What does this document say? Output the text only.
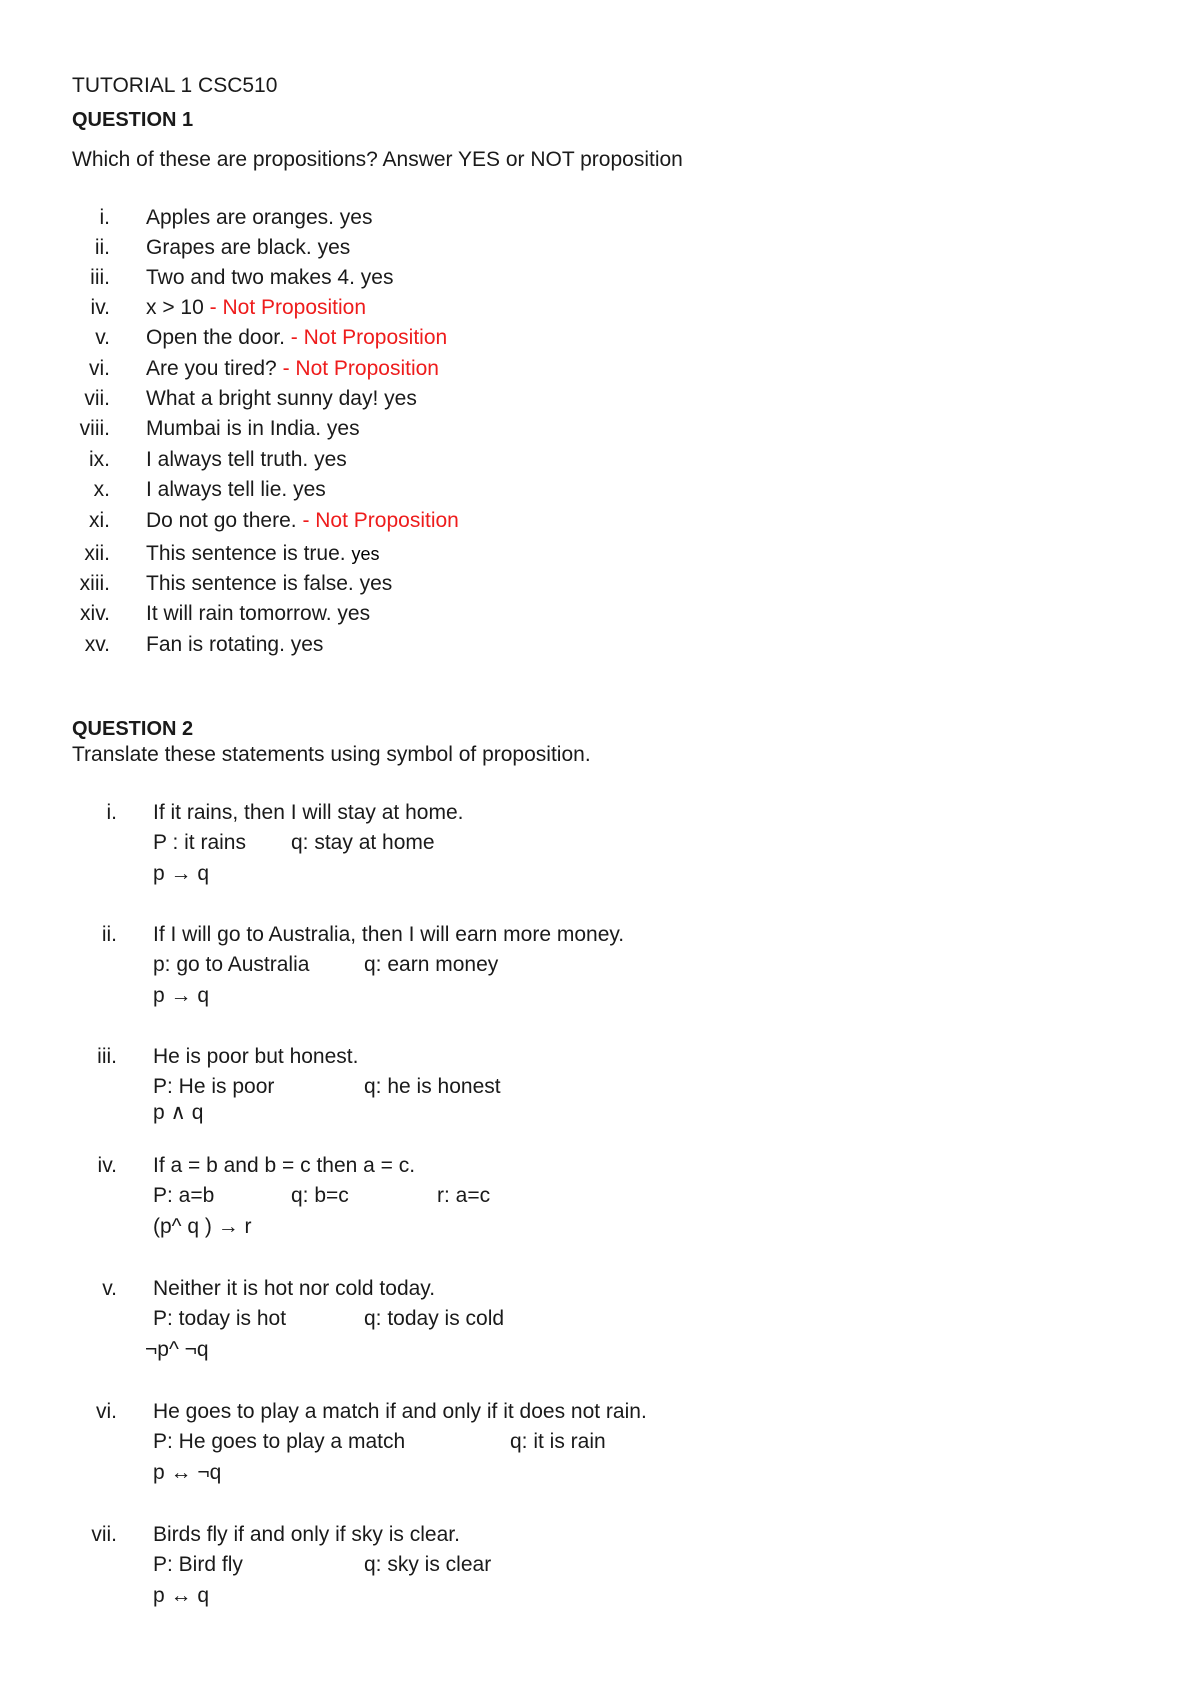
TUTORIAL 1 CSC510
QUESTION 1
Which of these are propositions? Answer YES or NOT proposition
i. Apples are oranges. yes
ii. Grapes are black. yes
iii. Two and two makes 4. yes
iv. x > 10 - Not Proposition
v. Open the door. - Not Proposition
vi. Are you tired? - Not Proposition
vii. What a bright sunny day! yes
viii. Mumbai is in India. yes
ix. I always tell truth. yes
x. I always tell lie. yes
xi. Do not go there. - Not Proposition
xii. This sentence is true. yes
xiii. This sentence is false. yes
xiv. It will rain tomorrow. yes
xv. Fan is rotating. yes
QUESTION 2
Translate these statements using symbol of proposition.
i. If it rains, then I will stay at home.
P : it rains q: stay at home
p → q
ii. If I will go to Australia, then I will earn more money.
p: go to Australia	q: earn money
p → q
iii. He is poor but honest.
P: He is poor	q: he is honest
p ∧ q
iv. If a = b and b = c then a = c.
P: a=b	q: b=c	r: a=c
(p^ q ) → r
v. Neither it is hot nor cold today.
P: today is hot	q: today is cold
¬p^ ¬q
vi. He goes to play a match if and only if it does not rain.
P: He goes to play a match	q: it is rain
p ↔ ¬q
vii. Birds fly if and only if sky is clear.
P: Bird fly	q: sky is clear
p ↔ q
